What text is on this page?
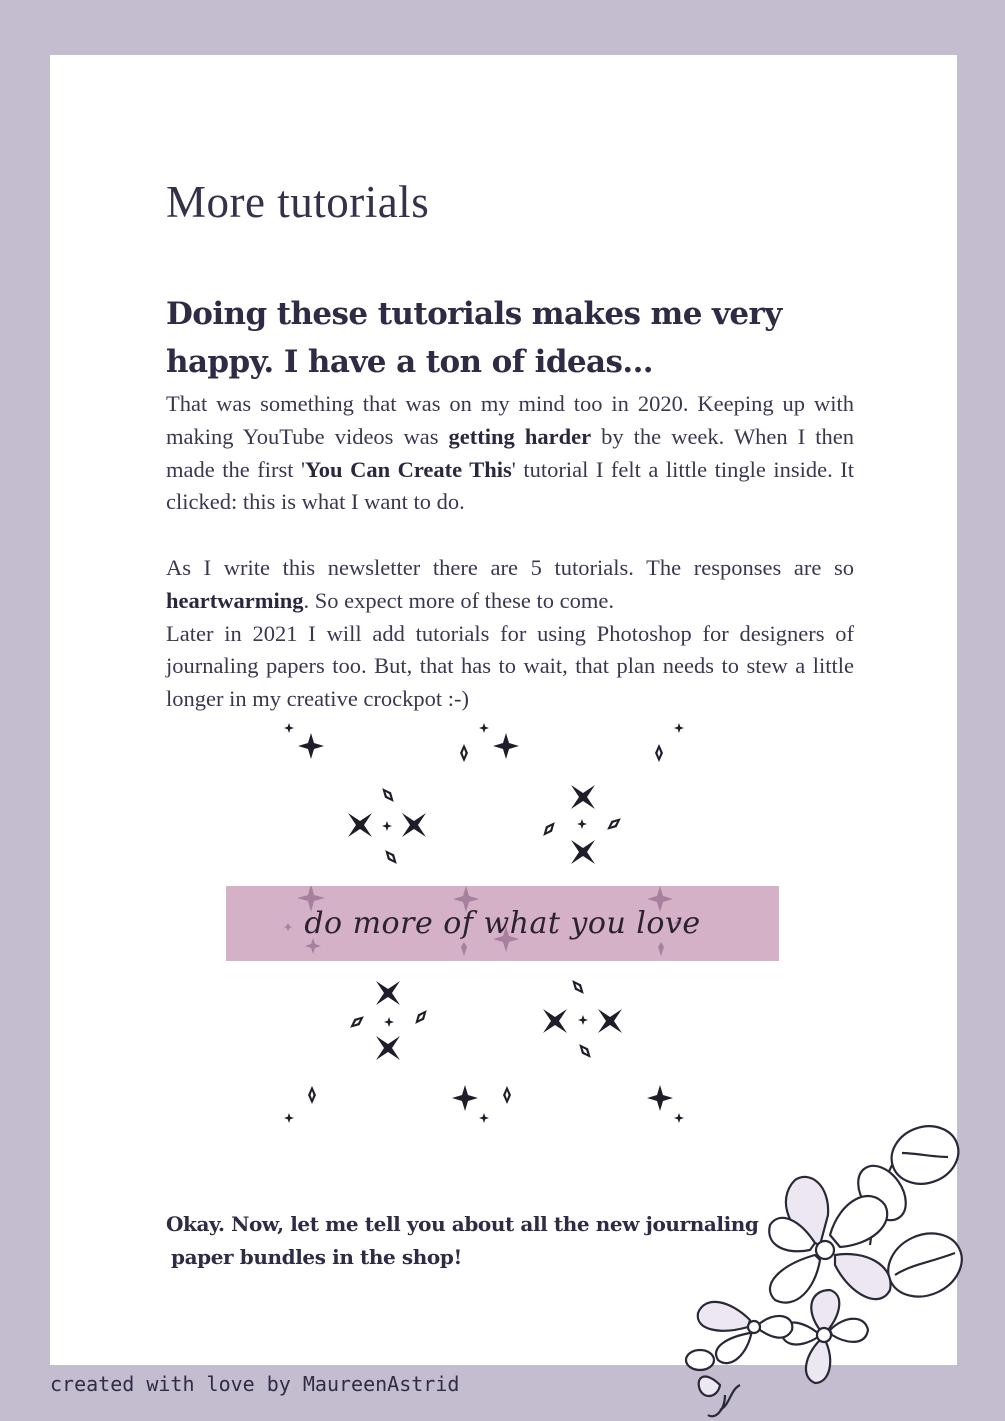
More tutorials
Doing these tutorials makes me very
happy. I have a ton of ideas...

That was something that was on my mind too in 2020. Keeping up with making YouTube videos was getting harder by the week. When I then made the first 'You Can Create This' tutorial I felt a little tingle inside. It clicked: this is what I want to do.

As I write this newsletter there are 5 tutorials. The responses are so heartwarming. So expect more of these to come.

Later in 2021 I will add tutorials for using Photoshop for designers of journaling papers too. But, that has to wait, that plan needs to stew a little longer in my creative crockpot :-)

do more of what you love
Okay. Now, let me tell you about all the new journaling
paper bundles in the shop!
created with love by MaureenAstrid
